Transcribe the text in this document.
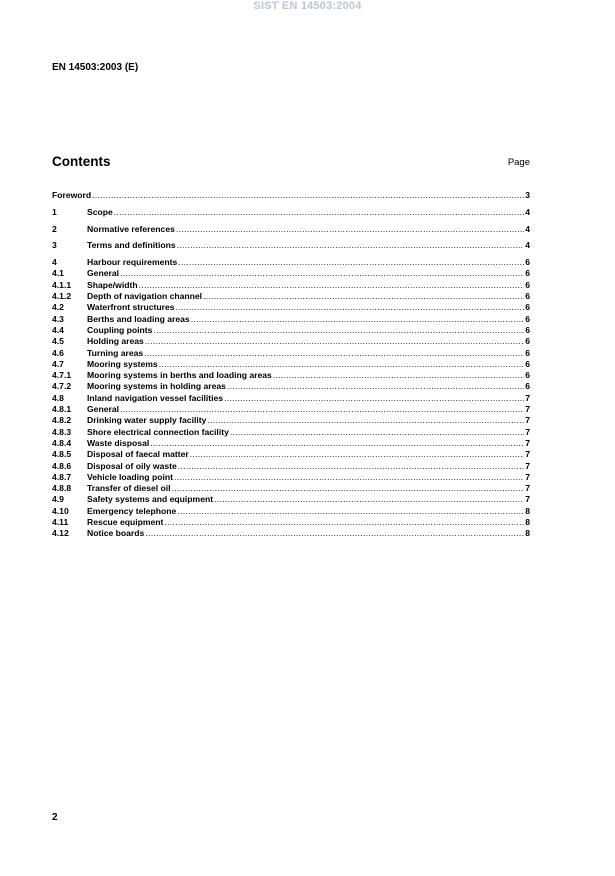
SIST EN 14503:2004
EN 14503:2003 (E)
Contents	Page
Foreword .....	3
1	Scope .....	4
2	Normative references .....	4
3	Terms and definitions .....	4
4	Harbour requirements .....	6
4.1	General .....	6
4.1.1	Shape/width .....	6
4.1.2	Depth of navigation channel .....	6
4.2	Waterfront structures .....	6
4.3	Berths and loading areas .....	6
4.4	Coupling points .....	6
4.5	Holding areas .....	6
4.6	Turning areas .....	6
4.7	Mooring systems .....	6
4.7.1	Mooring systems in berths and loading areas .....	6
4.7.2	Mooring systems in holding areas .....	6
4.8	Inland navigation vessel facilities .....	7
4.8.1	General .....	7
4.8.2	Drinking water supply facility .....	7
4.8.3	Shore electrical connection facility .....	7
4.8.4	Waste disposal .....	7
4.8.5	Disposal of faecal matter .....	7
4.8.6	Disposal of oily waste .....	7
4.8.7	Vehicle loading point .....	7
4.8.8	Transfer of diesel oil .....	7
4.9	Safety systems and equipment .....	7
4.10	Emergency telephone .....	8
4.11	Rescue equipment .....	8
4.12	Notice boards .....	8
2
